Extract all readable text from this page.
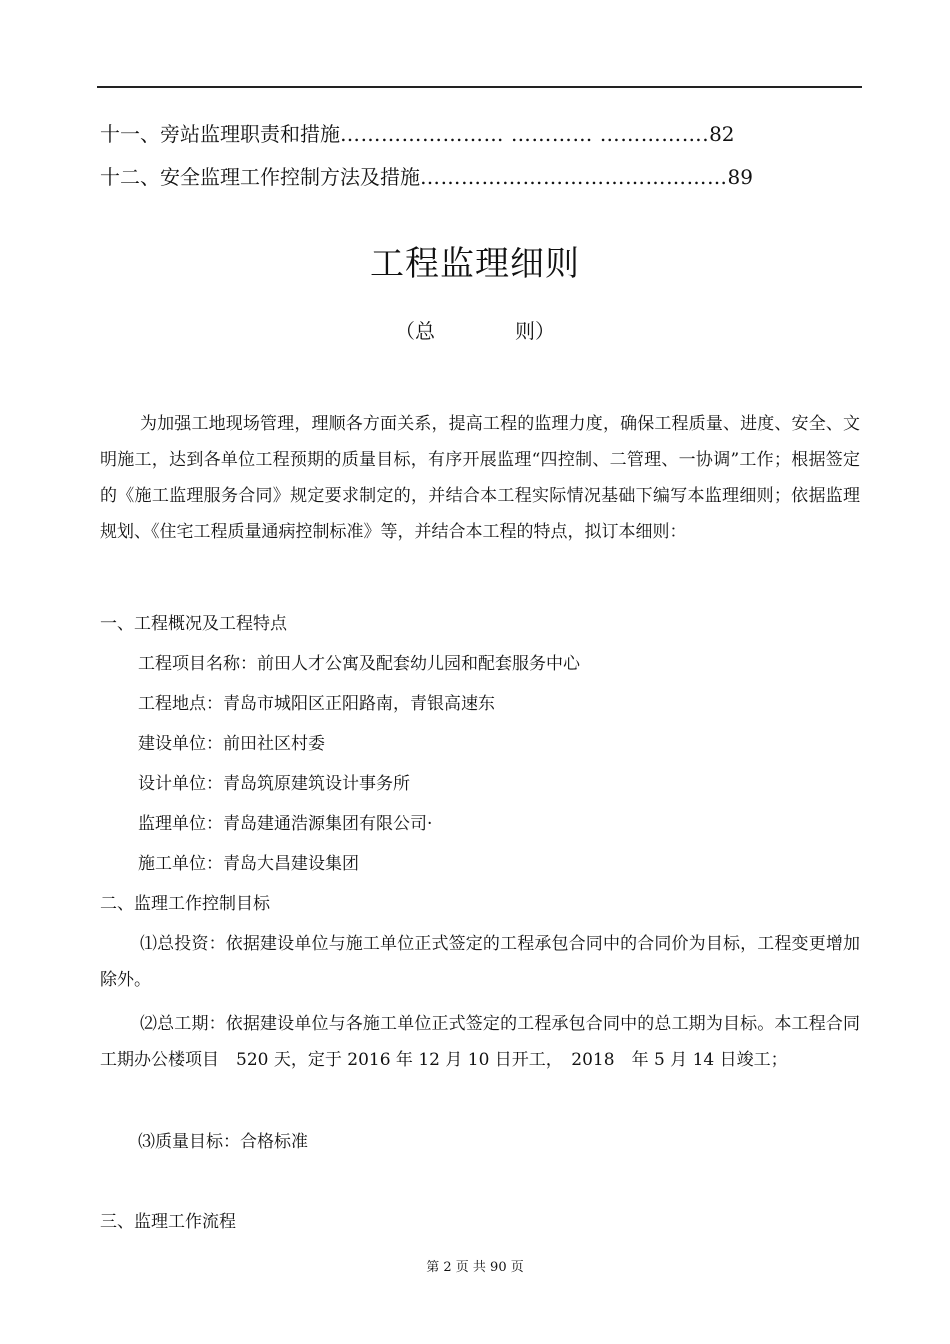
十一、旁站监理职责和措施…………………… ………… …………….82
十二、安全监理工作控制方法及措施………………………………………89
工程监理细则
（总	则）
为加强工地现场管理，理顺各方面关系，提高工程的监理力度，确保工程质量、进度、安全、文明施工，达到各单位工程预期的质量目标，有序开展监理“四控制、二管理、一协调”工作；根据签定的《施工监理服务合同》规定要求制定的，并结合本工程实际情况基础下编写本监理细则；依据监理规划、《住宅工程质量通病控制标准》等，并结合本工程的特点，拟订本细则：
一、工程概况及工程特点
工程项目名称：前田人才公寓及配套幼儿园和配套服务中心
工程地点：青岛市城阳区正阳路南，青银高速东
建设单位：前田社区村委
设计单位：青岛筑原建筑设计事务所
监理单位：青岛建通浩源集团有限公司·
施工单位：青岛大昌建设集团
二、监理工作控制目标
⑴总投资：依据建设单位与施工单位正式签定的工程承包合同中的合同价为目标，工程变更增加除外。
⑵总工期：依据建设单位与各施工单位正式签定的工程承包合同中的总工期为目标。本工程合同工期办公楼项目　520 天，定于 2016 年 12 月 10 日开工，　2018　年 5 月 14 日竣工；
⑶质量目标：合格标准
三、监理工作流程
第 2 页 共 90 页
